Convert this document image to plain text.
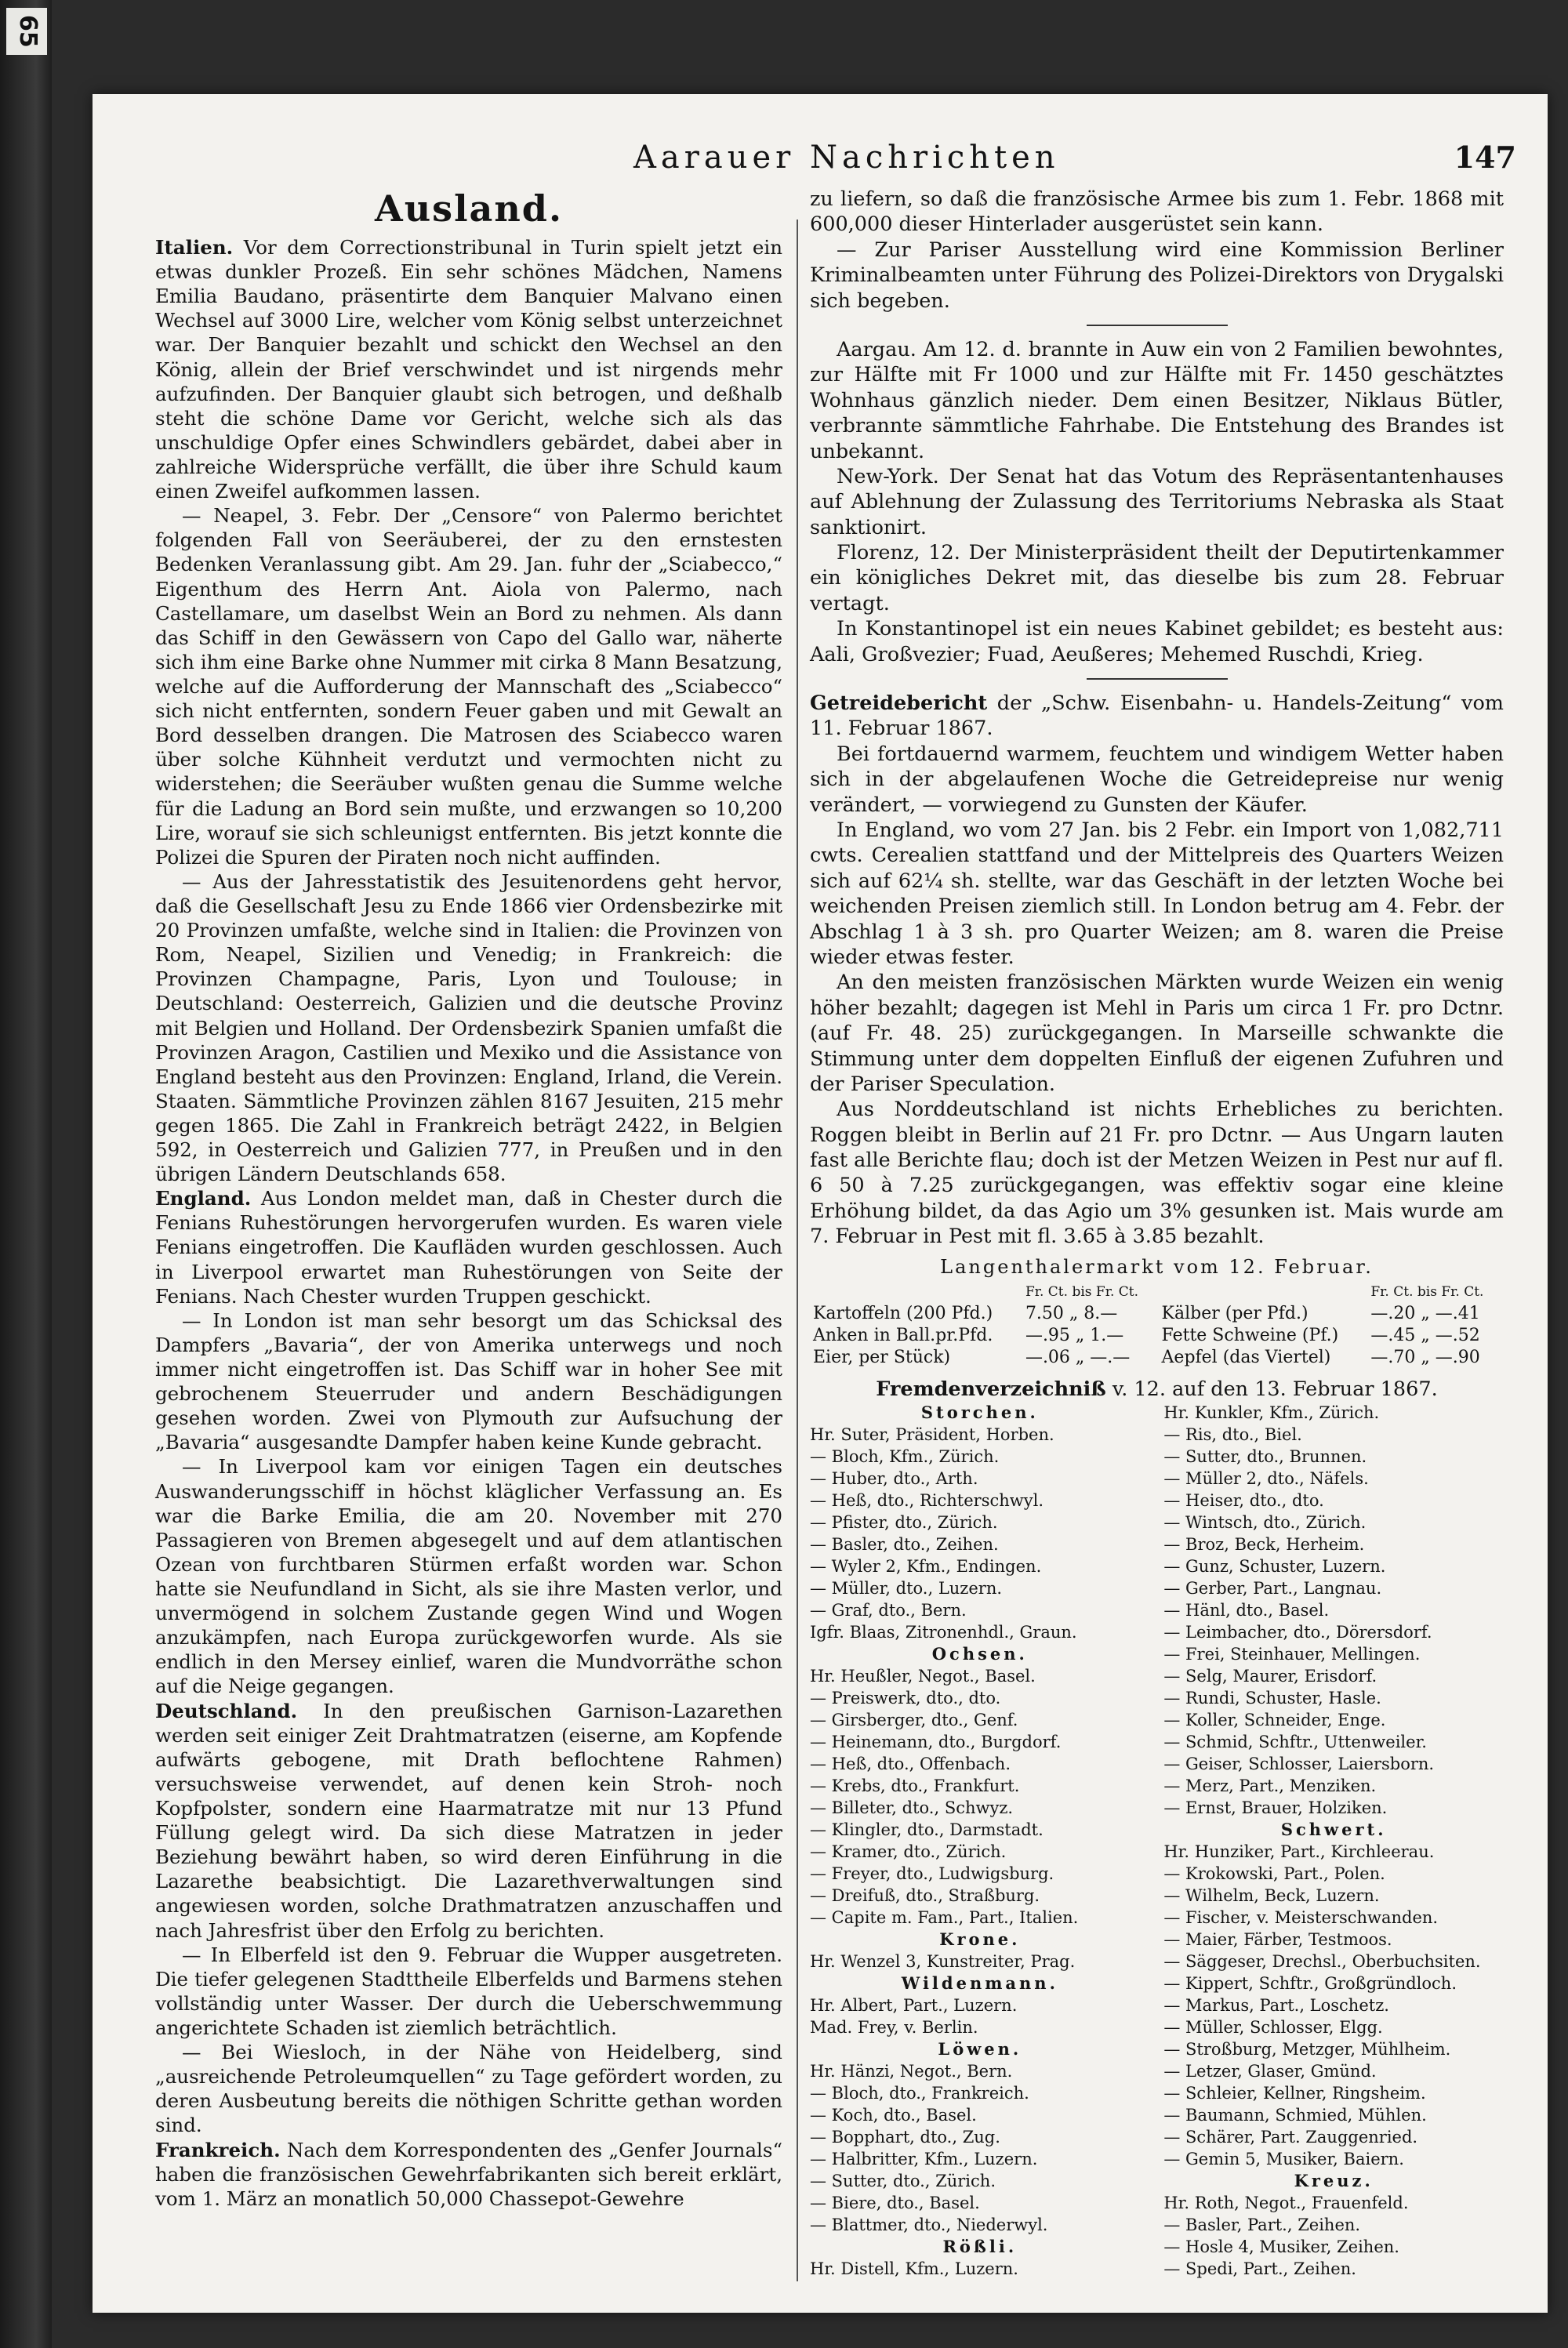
65
Aarauer Nachrichten	147
Ausland.

Italien. Vor dem Correctionstribunal in Turin spielt jetzt ein etwas dunkler Prozeß. Ein sehr schönes Mädchen, Namens Emilia Baudano, präsentirte dem Banquier Malvano einen Wechsel auf 3000 Lire, welcher vom König selbst unterzeichnet war. Der Banquier bezahlt und schickt den Wechsel an den König, allein der Brief verschwindet und ist nirgends mehr aufzufinden. Der Banquier glaubt sich betrogen, und deßhalb steht die schöne Dame vor Gericht, welche sich als das unschuldige Opfer eines Schwindlers gebärdet, dabei aber in zahlreiche Widersprüche verfällt, die über ihre Schuld kaum einen Zweifel aufkommen lassen.

— Neapel, 3. Febr. Der „Censore“ von Palermo berichtet folgenden Fall von Seeräuberei, der zu den ernstesten Bedenken Veranlassung gibt. Am 29. Jan. fuhr der „Sciabecco,“ Eigenthum des Herrn Ant. Aiola von Palermo, nach Castellamare, um daselbst Wein an Bord zu nehmen. Als dann das Schiff in den Gewässern von Capo del Gallo war, näherte sich ihm eine Barke ohne Nummer mit cirka 8 Mann Besatzung, welche auf die Aufforderung der Mannschaft des „Sciabecco“ sich nicht entfernten, sondern Feuer gaben und mit Gewalt an Bord desselben drangen. Die Matrosen des Sciabecco waren über solche Kühnheit verdutzt und vermochten nicht zu widerstehen; die Seeräuber wußten genau die Summe welche für die Ladung an Bord sein mußte, und erzwangen so 10,200 Lire, worauf sie sich schleunigst entfernten. Bis jetzt konnte die Polizei die Spuren der Piraten noch nicht auffinden.

— Aus der Jahresstatistik des Jesuitenordens geht hervor, daß die Gesellschaft Jesu zu Ende 1866 vier Ordensbezirke mit 20 Provinzen umfaßte, welche sind in Italien: die Provinzen von Rom, Neapel, Sizilien und Venedig; in Frankreich: die Provinzen Champagne, Paris, Lyon und Toulouse; in Deutschland: Oesterreich, Galizien und die deutsche Provinz mit Belgien und Holland. Der Ordensbezirk Spanien umfaßt die Provinzen Aragon, Castilien und Mexiko und die Assistance von England besteht aus den Provinzen: England, Irland, die Verein. Staaten. Sämmtliche Provinzen zählen 8167 Jesuiten, 215 mehr gegen 1865. Die Zahl in Frankreich beträgt 2422, in Belgien 592, in Oesterreich und Galizien 777, in Preußen und in den übrigen Ländern Deutschlands 658.

England. Aus London meldet man, daß in Chester durch die Fenians Ruhestörungen hervorgerufen wurden. Es waren viele Fenians eingetroffen. Die Kaufläden wurden geschlossen. Auch in Liverpool erwartet man Ruhestörungen von Seite der Fenians. Nach Chester wurden Truppen geschickt.

— In London ist man sehr besorgt um das Schicksal des Dampfers „Bavaria“, der von Amerika unterwegs und noch immer nicht eingetroffen ist. Das Schiff war in hoher See mit gebrochenem Steuerruder und andern Beschädigungen gesehen worden. Zwei von Plymouth zur Aufsuchung der „Bavaria“ ausgesandte Dampfer haben keine Kunde gebracht.

— In Liverpool kam vor einigen Tagen ein deutsches Auswanderungsschiff in höchst kläglicher Verfassung an. Es war die Barke Emilia, die am 20. November mit 270 Passagieren von Bremen abgesegelt und auf dem atlantischen Ozean von furchtbaren Stürmen erfaßt worden war. Schon hatte sie Neufundland in Sicht, als sie ihre Masten verlor, und unvermögend in solchem Zustande gegen Wind und Wogen anzukämpfen, nach Europa zurückgeworfen wurde. Als sie endlich in den Mersey einlief, waren die Mundvorräthe schon auf die Neige gegangen.

Deutschland. In den preußischen Garnison-Lazarethen werden seit einiger Zeit Drahtmatratzen (eiserne, am Kopfende aufwärts gebogene, mit Drath beflochtene Rahmen) versuchsweise verwendet, auf denen kein Stroh- noch Kopfpolster, sondern eine Haarmatratze mit nur 13 Pfund Füllung gelegt wird. Da sich diese Matratzen in jeder Beziehung bewährt haben, so wird deren Einführung in die Lazarethe beabsichtigt. Die Lazarethverwaltungen sind angewiesen worden, solche Drathmatratzen anzuschaffen und nach Jahresfrist über den Erfolg zu berichten.

— In Elberfeld ist den 9. Februar die Wupper ausgetreten. Die tiefer gelegenen Stadttheile Elberfelds und Barmens stehen vollständig unter Wasser. Der durch die Ueberschwemmung angerichtete Schaden ist ziemlich beträchtlich.

— Bei Wiesloch, in der Nähe von Heidelberg, sind „ausreichende Petroleumquellen“ zu Tage gefördert worden, zu deren Ausbeutung bereits die nöthigen Schritte gethan worden sind.

Frankreich. Nach dem Korrespondenten des „Genfer Journals“ haben die französischen Gewehrfabrikanten sich bereit erklärt, vom 1. März an monatlich 50,000 Chassepot-Gewehre

zu liefern, so daß die französische Armee bis zum 1. Febr. 1868 mit 600,000 dieser Hinterlader ausgerüstet sein kann.

— Zur Pariser Ausstellung wird eine Kommission Berliner Kriminalbeamten unter Führung des Polizei-Direktors von Drygalski sich begeben.

Aargau. Am 12. d. brannte in Auw ein von 2 Familien bewohntes, zur Hälfte mit Fr 1000 und zur Hälfte mit Fr. 1450 geschätztes Wohnhaus gänzlich nieder. Dem einen Besitzer, Niklaus Bütler, verbrannte sämmtliche Fahrhabe. Die Entstehung des Brandes ist unbekannt.

New-York. Der Senat hat das Votum des Repräsentantenhauses auf Ablehnung der Zulassung des Territoriums Nebraska als Staat sanktionirt.

Florenz, 12. Der Ministerpräsident theilt der Deputirtenkammer ein königliches Dekret mit, das dieselbe bis zum 28. Februar vertagt.

In Konstantinopel ist ein neues Kabinet gebildet; es besteht aus: Aali, Großvezier; Fuad, Aeußeres; Mehemed Ruschdi, Krieg.

Getreidebericht der „Schw. Eisenbahn- u. Handels-Zeitung“ vom 11. Februar 1867.

Bei fortdauernd warmem, feuchtem und windigem Wetter haben sich in der abgelaufenen Woche die Getreidepreise nur wenig verändert, — vorwiegend zu Gunsten der Käufer.

In England, wo vom 27 Jan. bis 2 Febr. ein Import von 1,082,711 cwts. Cerealien stattfand und der Mittelpreis des Quarters Weizen sich auf 62¼ sh. stellte, war das Geschäft in der letzten Woche bei weichenden Preisen ziemlich still. In London betrug am 4. Febr. der Abschlag 1 à 3 sh. pro Quarter Weizen; am 8. waren die Preise wieder etwas fester.

An den meisten französischen Märkten wurde Weizen ein wenig höher bezahlt; dagegen ist Mehl in Paris um circa 1 Fr. pro Dctnr. (auf Fr. 48. 25) zurückgegangen. In Marseille schwankte die Stimmung unter dem doppelten Einfluß der eigenen Zufuhren und der Pariser Speculation.

Aus Norddeutschland ist nichts Erhebliches zu berichten. Roggen bleibt in Berlin auf 21 Fr. pro Dctnr. — Aus Ungarn lauten fast alle Berichte flau; doch ist der Metzen Weizen in Pest nur auf fl. 6 50 à 7.25 zurückgegangen, was effektiv sogar eine kleine Erhöhung bildet, da das Agio um 3% gesunken ist. Mais wurde am 7. Februar in Pest mit fl. 3.65 à 3.85 bezahlt.

Langenthalermarkt vom 12. Februar.
	Fr. Ct. bis Fr. Ct.		Fr. Ct. bis Fr. Ct.
Kartoffeln (200 Pfd.)	7.50 „ 8.—	Kälber (per Pfd.)	—.20 „ —.41
Anken in Ball.pr.Pfd.	—.95 „ 1.—	Fette Schweine (Pf.)	—.45 „ —.52
Eier, per Stück)	—.06 „ —.—	Aepfel (das Viertel)	—.70 „ —.90
Fremdenverzeichniß v. 12. auf den 13. Februar 1867.
Storchen.
Hr. Suter, Präsident, Horben.
— Bloch, Kfm., Zürich.
— Huber, dto., Arth.
— Heß, dto., Richterschwyl.
— Pfister, dto., Zürich.
— Basler, dto., Zeihen.
— Wyler 2, Kfm., Endingen.
— Müller, dto., Luzern.
— Graf, dto., Bern.
Igfr. Blaas, Zitronenhdl., Graun.
Ochsen.
Hr. Heußler, Negot., Basel.
— Preiswerk, dto., dto.
— Girsberger, dto., Genf.
— Heinemann, dto., Burgdorf.
— Heß, dto., Offenbach.
— Krebs, dto., Frankfurt.
— Billeter, dto., Schwyz.
— Klingler, dto., Darmstadt.
— Kramer, dto., Zürich.
— Freyer, dto., Ludwigsburg.
— Dreifuß, dto., Straßburg.
— Capite m. Fam., Part., Italien.
Krone.
Hr. Wenzel 3, Kunstreiter, Prag.
Wildenmann.
Hr. Albert, Part., Luzern.
Mad. Frey, v. Berlin.
Löwen.
Hr. Hänzi, Negot., Bern.
— Bloch, dto., Frankreich.
— Koch, dto., Basel.
— Bopphart, dto., Zug.
— Halbritter, Kfm., Luzern.
— Sutter, dto., Zürich.
— Biere, dto., Basel.
— Blattmer, dto., Niederwyl.
Rößli.
Hr. Distell, Kfm., Luzern.
Hr. Kunkler, Kfm., Zürich.
— Ris, dto., Biel.
— Sutter, dto., Brunnen.
— Müller 2, dto., Näfels.
— Heiser, dto., dto.
— Wintsch, dto., Zürich.
— Broz, Beck, Herheim.
— Gunz, Schuster, Luzern.
— Gerber, Part., Langnau.
— Hänl, dto., Basel.
— Leimbacher, dto., Dörersdorf.
— Frei, Steinhauer, Mellingen.
— Selg, Maurer, Erisdorf.
— Rundi, Schuster, Hasle.
— Koller, Schneider, Enge.
— Schmid, Schftr., Uttenweiler.
— Geiser, Schlosser, Laiersborn.
— Merz, Part., Menziken.
— Ernst, Brauer, Holziken.
Schwert.
Hr. Hunziker, Part., Kirchleerau.
— Krokowski, Part., Polen.
— Wilhelm, Beck, Luzern.
— Fischer, v. Meisterschwanden.
— Maier, Färber, Testmoos.
— Säggeser, Drechsl., Oberbuchsiten.
— Kippert, Schftr., Großgründloch.
— Markus, Part., Loschetz.
— Müller, Schlosser, Elgg.
— Stroßburg, Metzger, Mühlheim.
— Letzer, Glaser, Gmünd.
— Schleier, Kellner, Ringsheim.
— Baumann, Schmied, Mühlen.
— Schärer, Part. Zauggenried.
— Gemin 5, Musiker, Baiern.
Kreuz.
Hr. Roth, Negot., Frauenfeld.
— Basler, Part., Zeihen.
— Hosle 4, Musiker, Zeihen.
— Spedi, Part., Zeihen.
